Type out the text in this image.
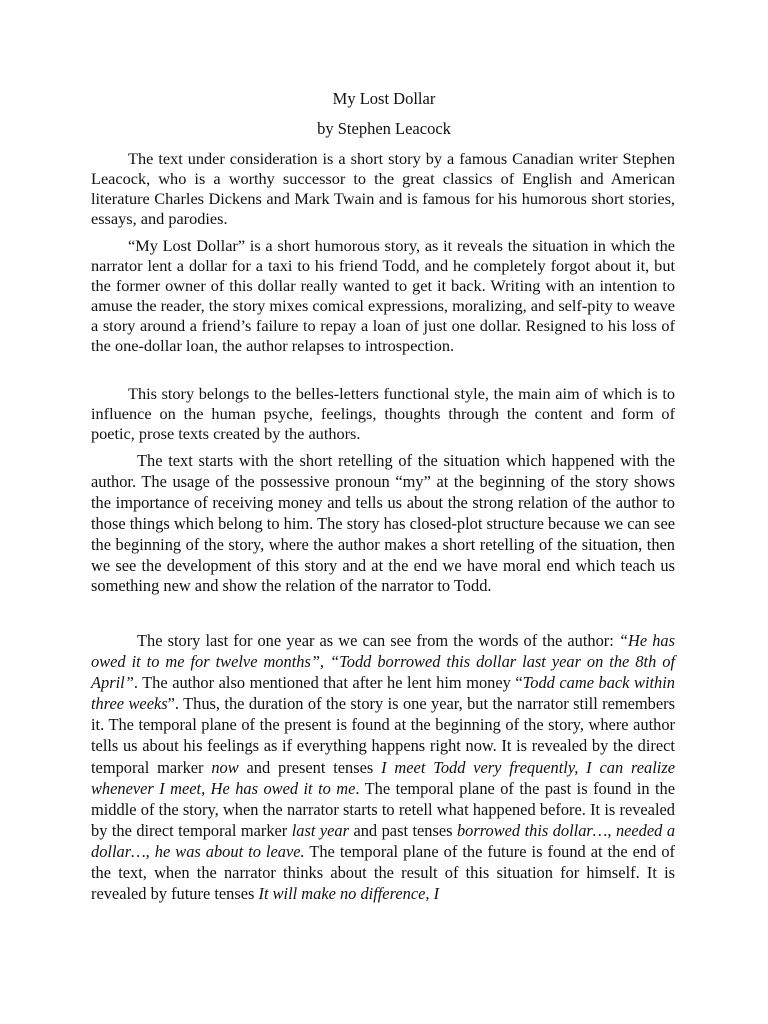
My Lost Dollar
by Stephen Leacock

The text under consideration is a short story by a famous Canadian writer Stephen Leacock, who is a worthy successor to the great classics of English and American literature Charles Dickens and Mark Twain and is famous for his humorous short stories, essays, and parodies.

“My Lost Dollar” is a short humorous story, as it reveals the situation in which the narrator lent a dollar for a taxi to his friend Todd, and he completely forgot about it, but the former owner of this dollar really wanted to get it back. Writing with an intention to amuse the reader, the story mixes comical expressions, moralizing, and self-pity to weave a story around a friend’s failure to repay a loan of just one dollar. Resigned to his loss of the one-dollar loan, the author relapses to introspection.

This story belongs to the belles-letters functional style, the main aim of which is to influence on the human psyche, feelings, thoughts through the content and form of poetic, prose texts created by the authors.

The text starts with the short retelling of the situation which happened with the author. The usage of the possessive pronoun “my” at the beginning of the story shows the importance of receiving money and tells us about the strong relation of the author to those things which belong to him. The story has closed-plot structure because we can see the beginning of the story, where the author makes a short retelling of the situation, then we see the development of this story and at the end we have moral end which teach us something new and show the relation of the narrator to Todd.

The story last for one year as we can see from the words of the author: “He has owed it to me for twelve months”, “Todd borrowed this dollar last year on the 8th of April”. The author also mentioned that after he lent him money “Todd came back within three weeks”. Thus, the duration of the story is one year, but the narrator still remembers it. The temporal plane of the present is found at the beginning of the story, where author tells us about his feelings as if everything happens right now. It is revealed by the direct temporal marker now and present tenses I meet Todd very frequently, I can realize whenever I meet, He has owed it to me. The temporal plane of the past is found in the middle of the story, when the narrator starts to retell what happened before. It is revealed by the direct temporal marker last year and past tenses borrowed this dollar…, needed a dollar…, he was about to leave. The temporal plane of the future is found at the end of the text, when the narrator thinks about the result of this situation for himself. It is revealed by future tenses It will make no difference, I
